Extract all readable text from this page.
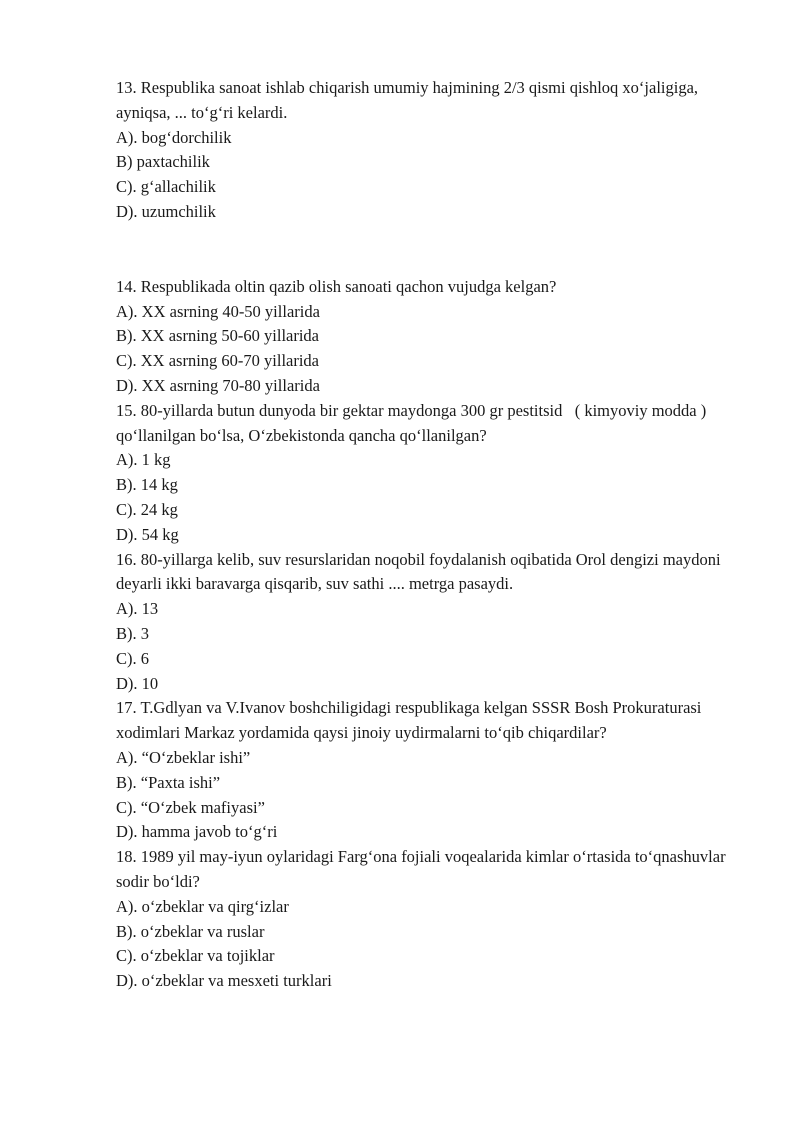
13. Respublika sanoat ishlab chiqarish umumiy hajmining 2/3 qismi qishloq xo‘jaligiga, ayniqsa, ... to‘g‘ri kelardi.
A). bog‘dorchilik
B) paxtachilik
C). g‘allachilik
D). uzumchilik
14. Respublikada oltin qazib olish sanoati qachon vujudga kelgan?
A). XX asrning 40-50 yillarida
B). XX asrning 50-60 yillarida
C). XX asrning 60-70 yillarida
D). XX asrning 70-80 yillarida
15. 80-yillarda butun dunyoda bir gektar maydonga 300 gr pestitsid   ( kimyoviy modda ) qo‘llanilgan bo‘lsa, O‘zbekistonda qancha qo‘llanilgan?
A). 1 kg
B). 14 kg
C). 24 kg
D). 54 kg
16. 80-yillarga kelib, suv resurslaridan noqobil foydalanish oqibatida Orol dengizi maydoni deyarli ikki baravarga qisqarib, suv sathi .... metrga pasaydi.
A). 13
B). 3
C). 6
D). 10
17. T.Gdlyan va V.Ivanov boshchiligidagi respublikaga kelgan SSSR Bosh Prokuraturasi xodimlari Markaz yordamida qaysi jinoiy uydirmalarni to‘qib chiqardilar?
A). “O‘zbeklar ishi”
B). “Paxta ishi”
C). “O‘zbek mafiyasi”
D). hamma javob to‘g‘ri
18. 1989 yil may-iyun oylaridagi Farg‘ona fojiali voqealarida kimlar o‘rtasida to‘qnashuvlar sodir bo‘ldi?
A). o‘zbeklar va qirg‘izlar
B). o‘zbeklar va ruslar
C). o‘zbeklar va tojiklar
D). o‘zbeklar va mesxeti turklari
